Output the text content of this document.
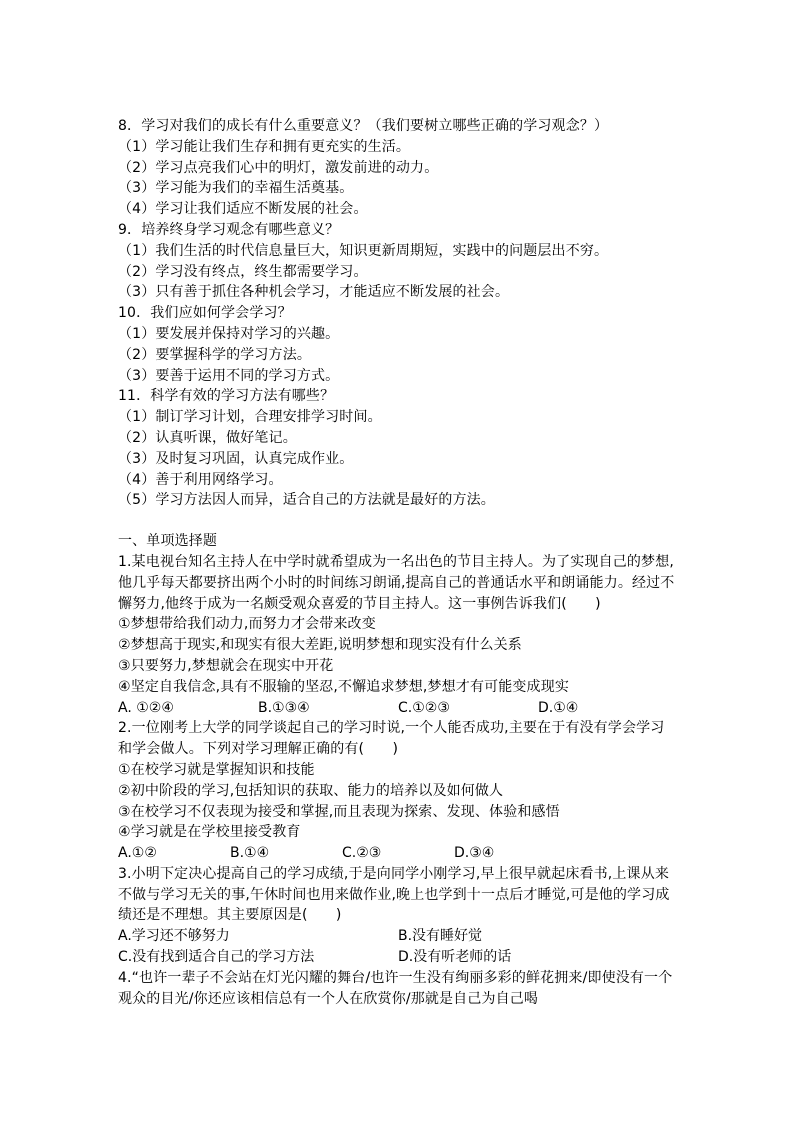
8．学习对我们的成长有什么重要意义？（我们要树立哪些正确的学习观念？）
（1）学习能让我们生存和拥有更充实的生活。
（2）学习点亮我们心中的明灯，激发前进的动力。
（3）学习能为我们的幸福生活奠基。
（4）学习让我们适应不断发展的社会。
9．培养终身学习观念有哪些意义？
（1）我们生活的时代信息量巨大，知识更新周期短，实践中的问题层出不穷。
（2）学习没有终点，终生都需要学习。
（3）只有善于抓住各种机会学习，才能适应不断发展的社会。
10．我们应如何学会学习？
（1）要发展并保持对学习的兴趣。
（2）要掌握科学的学习方法。
（3）要善于运用不同的学习方式。
11．科学有效的学习方法有哪些？
（1）制订学习计划，合理安排学习时间。
（2）认真听课，做好笔记。
（3）及时复习巩固，认真完成作业。
（4）善于利用网络学习。
（5）学习方法因人而异，适合自己的方法就是最好的方法。
一、单项选择题
1.某电视台知名主持人在中学时就希望成为一名出色的节目主持人。为了实现自己的梦想,他几乎每天都要挤出两个小时的时间练习朗诵,提高自己的普通话水平和朗诵能力。经过不懈努力,他终于成为一名颇受观众喜爱的节目主持人。这一事例告诉我们(　　)
①梦想带给我们动力,而努力才会带来改变
②梦想高于现实,和现实有很大差距,说明梦想和现实没有什么关系
③只要努力,梦想就会在现实中开花
④坚定自我信念,具有不服输的坚忍,不懈追求梦想,梦想才有可能变成现实
A. ①②④	B.①③④	C.①②③	D.①④
2.一位刚考上大学的同学谈起自己的学习时说,一个人能否成功,主要在于有没有学会学习和学会做人。下列对学习理解正确的有(　　)
①在校学习就是掌握知识和技能
②初中阶段的学习,包括知识的获取、能力的培养以及如何做人
③在校学习不仅表现为接受和掌握,而且表现为探索、发现、体验和感悟
④学习就是在学校里接受教育
A.①②	B.①④	C.②③	D.③④
3.小明下定决心提高自己的学习成绩,于是向同学小刚学习,早上很早就起床看书,上课从来不做与学习无关的事,午休时间也用来做作业,晚上也学到十一点后才睡觉,可是他的学习成绩还是不理想。其主要原因是(　　)
A.学习还不够努力	B.没有睡好觉
C.没有找到适合自己的学习方法	D.没有听老师的话
4.“也许一辈子不会站在灯光闪耀的舞台/也许一生没有绚丽多彩的鲜花拥来/即使没有一个观众的目光/你还应该相信总有一个人在欣赏你/那就是自己为自己喝
